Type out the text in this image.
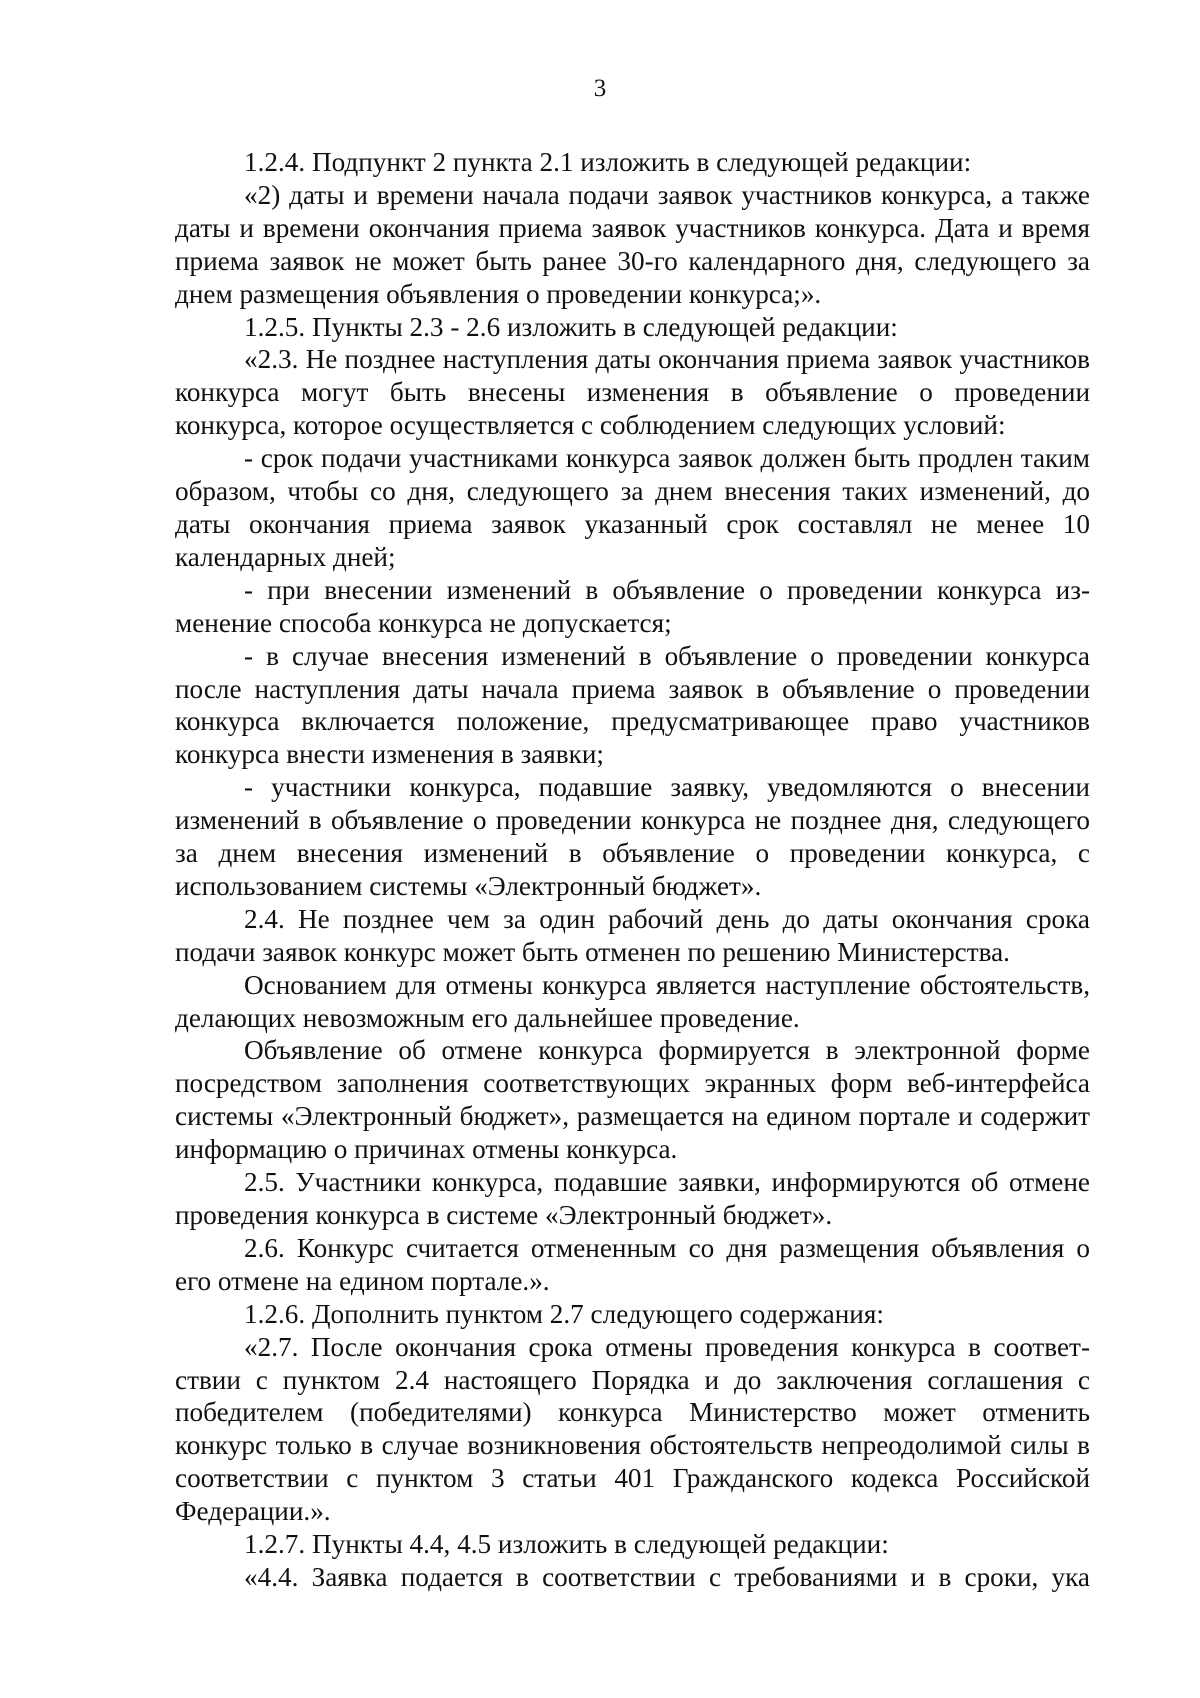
3

1.2.4. Подпункт 2 пункта 2.1 изложить в следующей редакции:

«2) даты и времени начала подачи заявок участников конкурса, а также даты и времени окончания приема заявок участников конкурса. Дата и время приема заявок не может быть ранее 30-го календарного дня, следующего за днем размещения объявления о проведении конкурса;».

1.2.5. Пункты 2.3 - 2.6 изложить в следующей редакции:

«2.3. Не позднее наступления даты окончания приема заявок участников конкурса могут быть внесены изменения в объявление о проведении конкурса, которое осуществляется с соблюдением следующих условий:

- срок подачи участниками конкурса заявок должен быть продлен таким образом, чтобы со дня, следующего за днем внесения таких изменений, до даты окончания приема заявок указанный срок составлял не менее 10 календарных дней;

- при внесении изменений в объявление о проведении конкурса изменение способа конкурса не допускается;

- в случае внесения изменений в объявление о проведении конкурса после наступления даты начала приема заявок в объявление о проведении конкурса включается положение, предусматривающее право участников конкурса внести изменения в заявки;

- участники конкурса, подавшие заявку, уведомляются о внесении изменений в объявление о проведении конкурса не позднее дня, следующего за днем внесения изменений в объявление о проведении конкурса, с использованием системы «Электронный бюджет».

2.4. Не позднее чем за один рабочий день до даты окончания срока подачи заявок конкурс может быть отменен по решению Министерства.

Основанием для отмены конкурса является наступление обстоятельств, делающих невозможным его дальнейшее проведение.

Объявление об отмене конкурса формируется в электронной форме посредством заполнения соответствующих экранных форм веб-интерфейса системы «Электронный бюджет», размещается на едином портале и содержит информацию о причинах отмены конкурса.

2.5. Участники конкурса, подавшие заявки, информируются об отмене проведения конкурса в системе «Электронный бюджет».

2.6. Конкурс считается отмененным со дня размещения объявления о его отмене на едином портале.».

1.2.6. Дополнить пунктом 2.7 следующего содержания:

«2.7. После окончания срока отмены проведения конкурса в соответствии с пунктом 2.4 настоящего Порядка и до заключения соглашения с победителем (победителями) конкурса Министерство может отменить конкурс только в случае возникновения обстоятельств непреодолимой силы в соответствии с пунктом 3 статьи 401 Гражданского кодекса Российской Федерации.».

1.2.7. Пункты 4.4, 4.5 изложить в следующей редакции:

«4.4. Заявка подается в соответствии с требованиями и в сроки, ука
